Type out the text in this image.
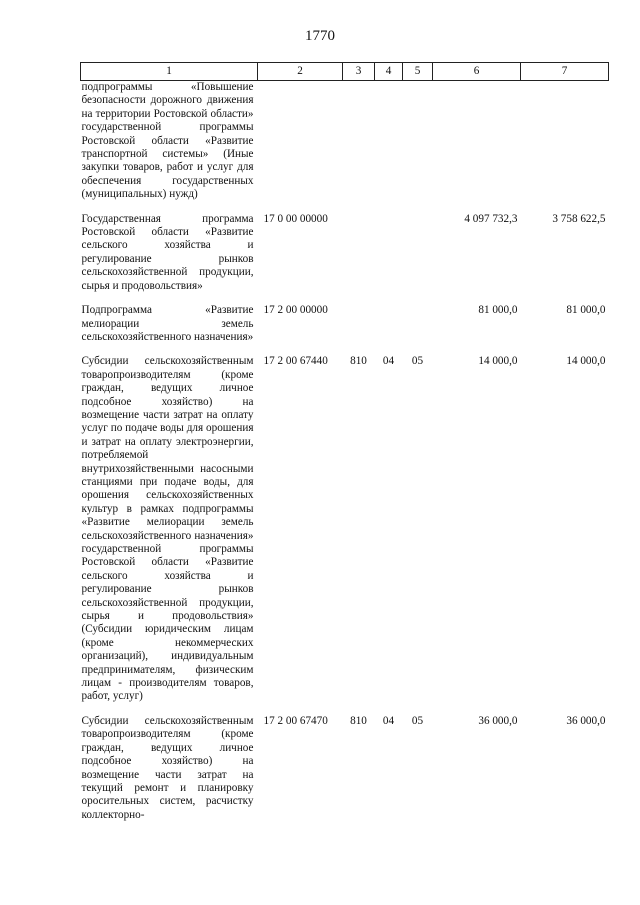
1770
1	2	3	4	5	6	7
подпрограммы «Повышение безопасности дорожного движения на территории Ростовской области» государственной программы Ростовской области «Развитие транспортной системы» (Иные закупки товаров, работ и услуг для обеспечения государственных (муниципальных) нужд)						
Государственная программа Ростовской области «Развитие сельского хозяйства и регулирование рынков сельскохозяйственной продукции, сырья и продовольствия»	17 0 00 00000				4 097 732,3	3 758 622,5
Подпрограмма «Развитие мелиорации земель сельскохозяйственного назначения»	17 2 00 00000				81 000,0	81 000,0
Субсидии сельскохозяйственным товаропроизводителям (кроме граждан, ведущих личное подсобное хозяйство) на возмещение части затрат на оплату услуг по подаче воды для орошения и затрат на оплату электроэнергии, потребляемой внутрихозяйственными насосными станциями при подаче воды, для орошения сельскохозяйственных культур в рамках подпрограммы «Развитие мелиорации земель сельскохозяйственного назначения» государственной программы Ростовской области «Развитие сельского хозяйства и регулирование рынков сельскохозяйственной продукции, сырья и продовольствия» (Субсидии юридическим лицам (кроме некоммерческих организаций), индивидуальным предпринимателям, физическим лицам - производителям товаров, работ, услуг)	17 2 00 67440	810	04	05	14 000,0	14 000,0
Субсидии сельскохозяйственным товаропроизводителям (кроме граждан, ведущих личное подсобное хозяйство) на возмещение части затрат на текущий ремонт и планировку оросительных систем, расчистку коллекторно-	17 2 00 67470	810	04	05	36 000,0	36 000,0
